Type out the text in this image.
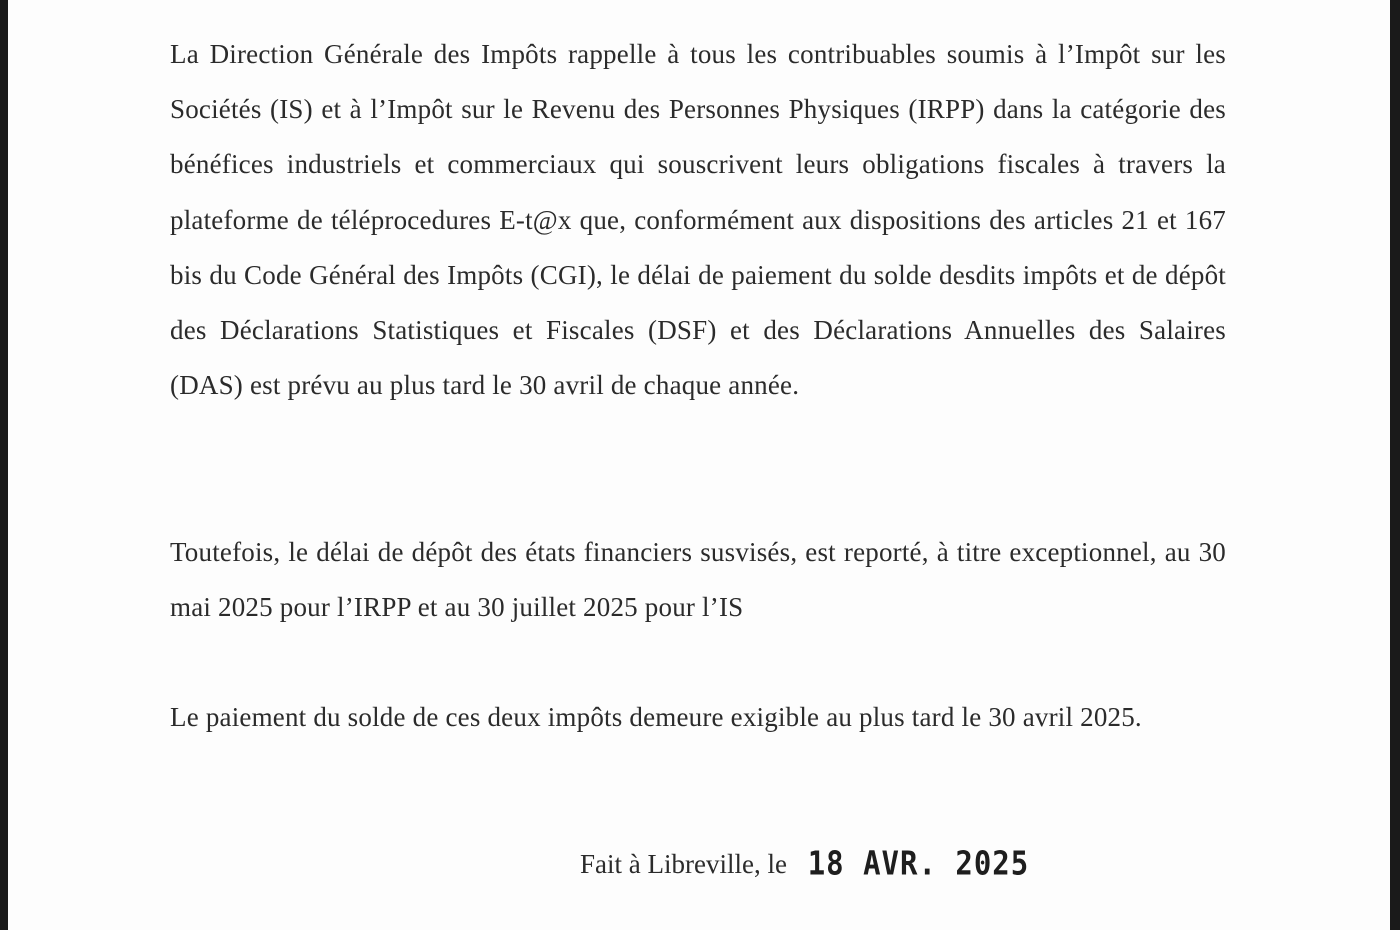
La Direction Générale des Impôts rappelle à tous les contribuables soumis à l’Impôt sur les Sociétés (IS) et à l’Impôt sur le Revenu des Personnes Physiques (IRPP) dans la catégorie des bénéfices industriels et commerciaux qui souscrivent leurs obligations fiscales à travers la plateforme de téléprocedures E-t@x que, conformément aux dispositions des articles 21 et 167 bis du Code Général des Impôts (CGI), le délai de paiement du solde desdits impôts et de dépôt des Déclarations Statistiques et Fiscales (DSF) et des Déclarations Annuelles des Salaires (DAS) est prévu au plus tard le 30 avril de chaque année.

Toutefois, le délai de dépôt des états financiers susvisés, est reporté, à titre exceptionnel, au 30 mai 2025 pour l’IRPP et au 30 juillet 2025 pour l’IS

Le paiement du solde de ces deux impôts demeure exigible au plus tard le 30 avril 2025.

Fait à Libreville, le 18 AVR. 2025
